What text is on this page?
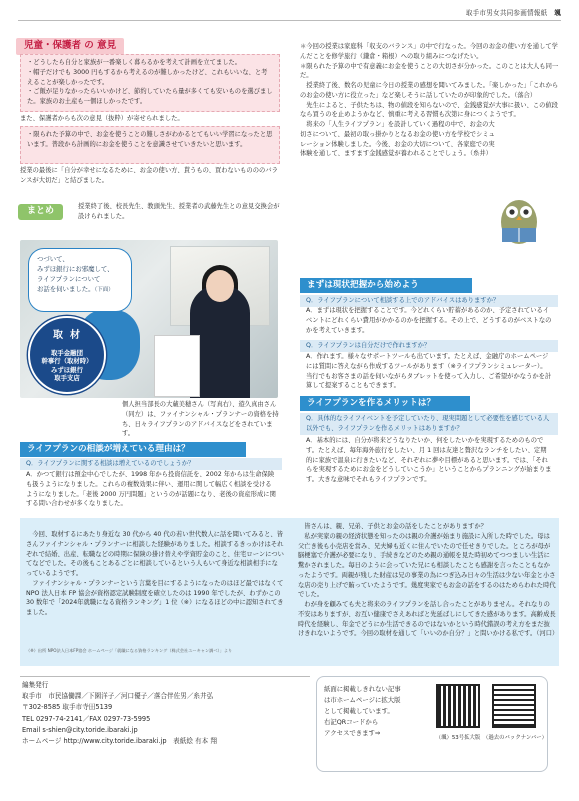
取手市男女共同参画情報紙　 颯
児童・保護者 の 意見

・どうしたら自分と家族が一番楽しく暮らるかを考えて計画を立てました。

・帽子だけでも 3000 円もするから考えるのが難しかったけど、これもいいな、と考えることが楽しかったです。

・ご飯が足りなかったらいいかけど、節約していたら量が多くても安いものを選びました。家族のお土産も一個ほしかったです。

また、保護者からも次の意見（抜粋）が寄せられました。

・限られた予算の中で、お金を使うことの難しさがわかるとてもいい学習になったと思います。普段から計画的にお金を使うことを意識させていきたいと思います。

授業の最後に「自分が幸せになるために、お金の使い方、貰うもの、買わないものののバランスが大切だ」と結びました。
まとめ	授業終了後、校長先生、教頭先生、授業者の武藤先生との意見交換会が設けられました。

＊今回の授業は家庭科「収支のバランス」の中で行なった。今回のお金の使い方を通して学んだことを修学旅行（鎌倉・箱根）への取り組みにつなげたい。

＊限られた予算の中で有意義にお金を使うことの大切さが分かった。このことは大人も同一だ。

　授業終了後、数名の児童に今日の授業の感想を聞いてみました。「楽しかった」「これからのお金の使い方に役立った」など楽しそうに話していたのが印象的でした。（落合）

　先生によると、子供たちは、物の値段を知らないので、金銭感覚が大事に扱い、この値段なら買うのを止めようかなど、慎重に考える習慣も次第に身につくようです。

　将来の「人生ライフプラン」を設計していく過程の中で、お金の大切さについて、最初の取っ掛かりとなるお金の使い方を学校でシミュレーション体験しました。今後、お金の大切について、各家庭での実体験を通して、ますます金銭感覚が養われることでしょう。（糸井）

つづいて、
みずほ銀行にお邪魔して、
ライフプランについて
お話を伺いました。（下面）
取材
取手金融団
幹事行（取材時）
みずほ銀行
取手支店
個人担当部長の大蔵美穂さん（写真右）、遊久真由さん（同左）は、ファイナンシャル・プランナーの資格を持ち、日々ライフプランのアドバイスなどをされています。
ライフプランの相談が増えている理由は？
Q．ライフプランに関する相談は増えているのでしょうか？
A．かつて銀行は預金中心でしたが、1998 年から投資信託を、2002 年からは生命保険も扱うようになりました。これらの複数効果に伴い、運用に関して幅広く相談を受けるようになりました。「老後 2000 万円問題」というのが話題になり、老後の資産形成に関する問い合わせが多くなりました。
まずは現状把握から始めよう
Q．ライフプランについて相談する上でのアドバイスはありますか？
A．まずは現状を把握することです。今どれくらい貯蓄があるのか、予定されているイベントにどれくらい費用がかかるのかを把握する。その上で、どうするのがベストなのかを考えていきます。
Q．ライフプランは自分だけで作れますか？
A．作れます。様々なサポートツールも出ています。たとえば、金融庁のホームページには質問に答えながら作成するツールがあります（※ライフプランシミュレーター）。当行でもお客さまの話を伺いながらタブレットを使って入力し、ご希望がかなうかを計算して提案することもできます。
ライフプランを作るメリットは？
Q．具体的なライフイベントを予定していたり、現実問題として必要性を感じている人以外でも、ライフプランを作るメリットはありますか？
A．基本的には、自分が将来どうなりたいか、何をしたいかを実現するためのものです。たとえば、毎年海外旅行をしたい、月 1 回は友達と贅沢なランチをしたい、定期的に家族で温泉に行きたいなど、それぞれに夢や目標があると思います。では、「それらを実現するためにお金をどうしていこうか」ということからプランニングが始まります。大きな意味でそれもライフプランです。
　今回、取材するにあたり身近な 30 代から 40 代の若い世代数人に話を聞いてみると、皆さんファイナンシャル・プランナーに相談した経験がありました。相談するきっかけはそれぞれで結婚、出産、転職などの時期に保険の掛け替えや学資貯金のこと、住宅ローンについてなどでした。その後もことあるごとに相談しているという人もいて身近な相談相手になっているようです。
　ファイナンシャル・プランナーという言葉を目にするようになったのはほど最ではなくて NPO 法人日本 FP 協会が資格認定試験制度を確立したのは 1990 年でしたが、わずかこの 30 数年で「2024年就職になる資格ランキング」1 位（※）になるほどの中に認知されてきました。
（※）出所 NPO法人日本FP協会 ホームページ「就職になる資格ランキング（株式会社ユーキャン調べ）」より
　皆さんは、親、兄弟、子供とお金の話をしたことがありますか？
　私が実家の親の経済状態を知ったのは親の介護が始まり施設に入所した時でした。母は父亡き後も小売店を営み、兄夫婦も近くに住んでいたので任せきりでした。ところが母が脳梗塞で介護が必要になり、手続きなどのため親の通帳を見た時初めてつつましい生活に驚かされました。毎日のように会っていた兄にも相談したことも感謝を言ったこともなかったようです。両親が残した財産は兄の事業の為につぎ込み日々の生活は少ない年金と小さな店の売り上げで賄っていたようです。幾度実家でもお金の話をするのはためらわれた時代でした。
　わが身を顧みても夫と将来のライフプランを話し合ったことがありません。それなりの不安はありますが、お互い健康でさえあればと先延ばしにしてきた感があります。高齢成長時代を経験し、年金でどうにか生活できるのではないかという時代錯誤の考え方をまだ抜けきれないようです。今回の取材を通して「いいのか自分？」と問いかける私です。（河口）
編集発行
取手市　市民協働課／下園洋子／河口優子／落合伴佐男／糸井弘
〒302-8585 取手市寺田5139
TEL 0297-74-2141／FAX 0297-73-5995
Email s-shien@city.toride.ibaraki.jp
ホームページ http://www.city.toride.ibaraki.jp　表紙絵 有本 翔
紙面に掲載しきれない記事
は市ホームページに拡大版
として掲載しています。
右記QRコードから
アクセスできます⇒
（颯）53号拡大版 （過去のバックナンバー）
